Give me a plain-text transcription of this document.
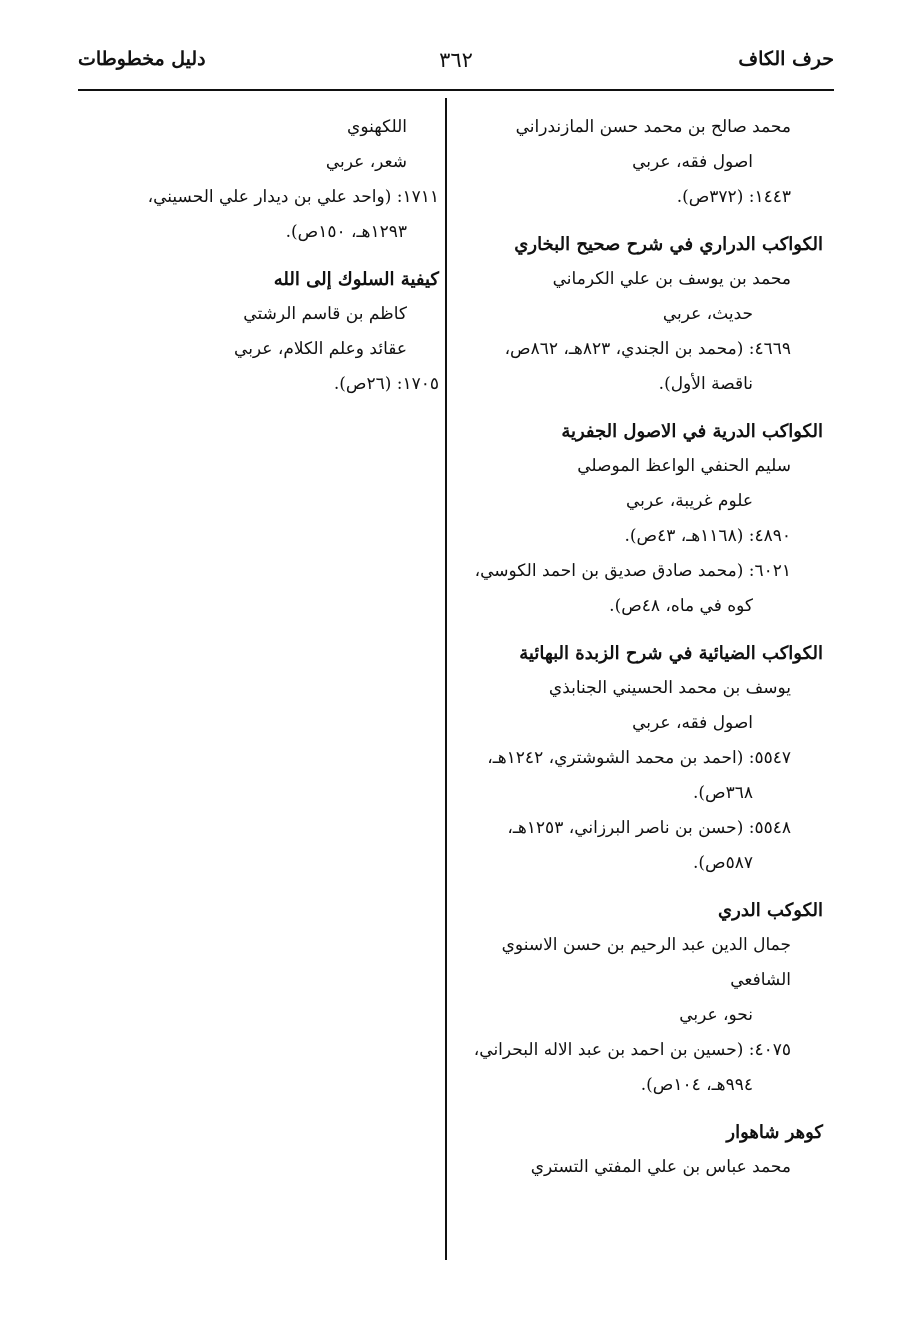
حرف الكاف
٣٦٢
دليل مخطوطات
محمد صالح بن محمد حسن المازندراني
اصول فقه، عربي
١٤٤٣: (٣٧٢ص).
الكواكب الدراري في شرح صحيح البخاري
محمد بن يوسف بن علي الكرماني
حديث، عربي
٤٦٦٩: (محمد بن الجندي، ٨٢٣هـ، ٨٦٢ص،
ناقصة الأول).
الكواكب الدرية في الاصول الجفرية
سليم الحنفي الواعظ الموصلي
علوم غريبة، عربي
٤٨٩٠: (١١٦٨هـ، ٤٣ص).
٦٠٢١: (محمد صادق صديق بن احمد الكوسي،
كوه في ماه، ٤٨ص).
الكواكب الضيائية في شرح الزبدة البهائية
يوسف بن محمد الحسيني الجنابذي
اصول فقه، عربي
٥٥٤٧: (احمد بن محمد الشوشتري، ١٢٤٢هـ،
٣٦٨ص).
٥٥٤٨: (حسن بن ناصر البرزاني، ١٢٥٣هـ،
٥٨٧ص).
الكوكب الدري
جمال الدين عبد الرحيم بن حسن الاسنوي
الشافعي
نحو، عربي
٤٠٧٥: (حسين بن احمد بن عبد الاله البحراني،
٩٩٤هـ، ١٠٤ص).
كوهر شاهوار
محمد عباس بن علي المفتي التستري
اللكهنوي
شعر، عربي
١٧١١: (واحد علي بن ديدار علي الحسيني،
١٢٩٣هـ، ١٥٠ص).
كيفية السلوك إلى الله
كاظم بن قاسم الرشتي
عقائد وعلم الكلام، عربي
١٧٠٥: (٢٦ص).
